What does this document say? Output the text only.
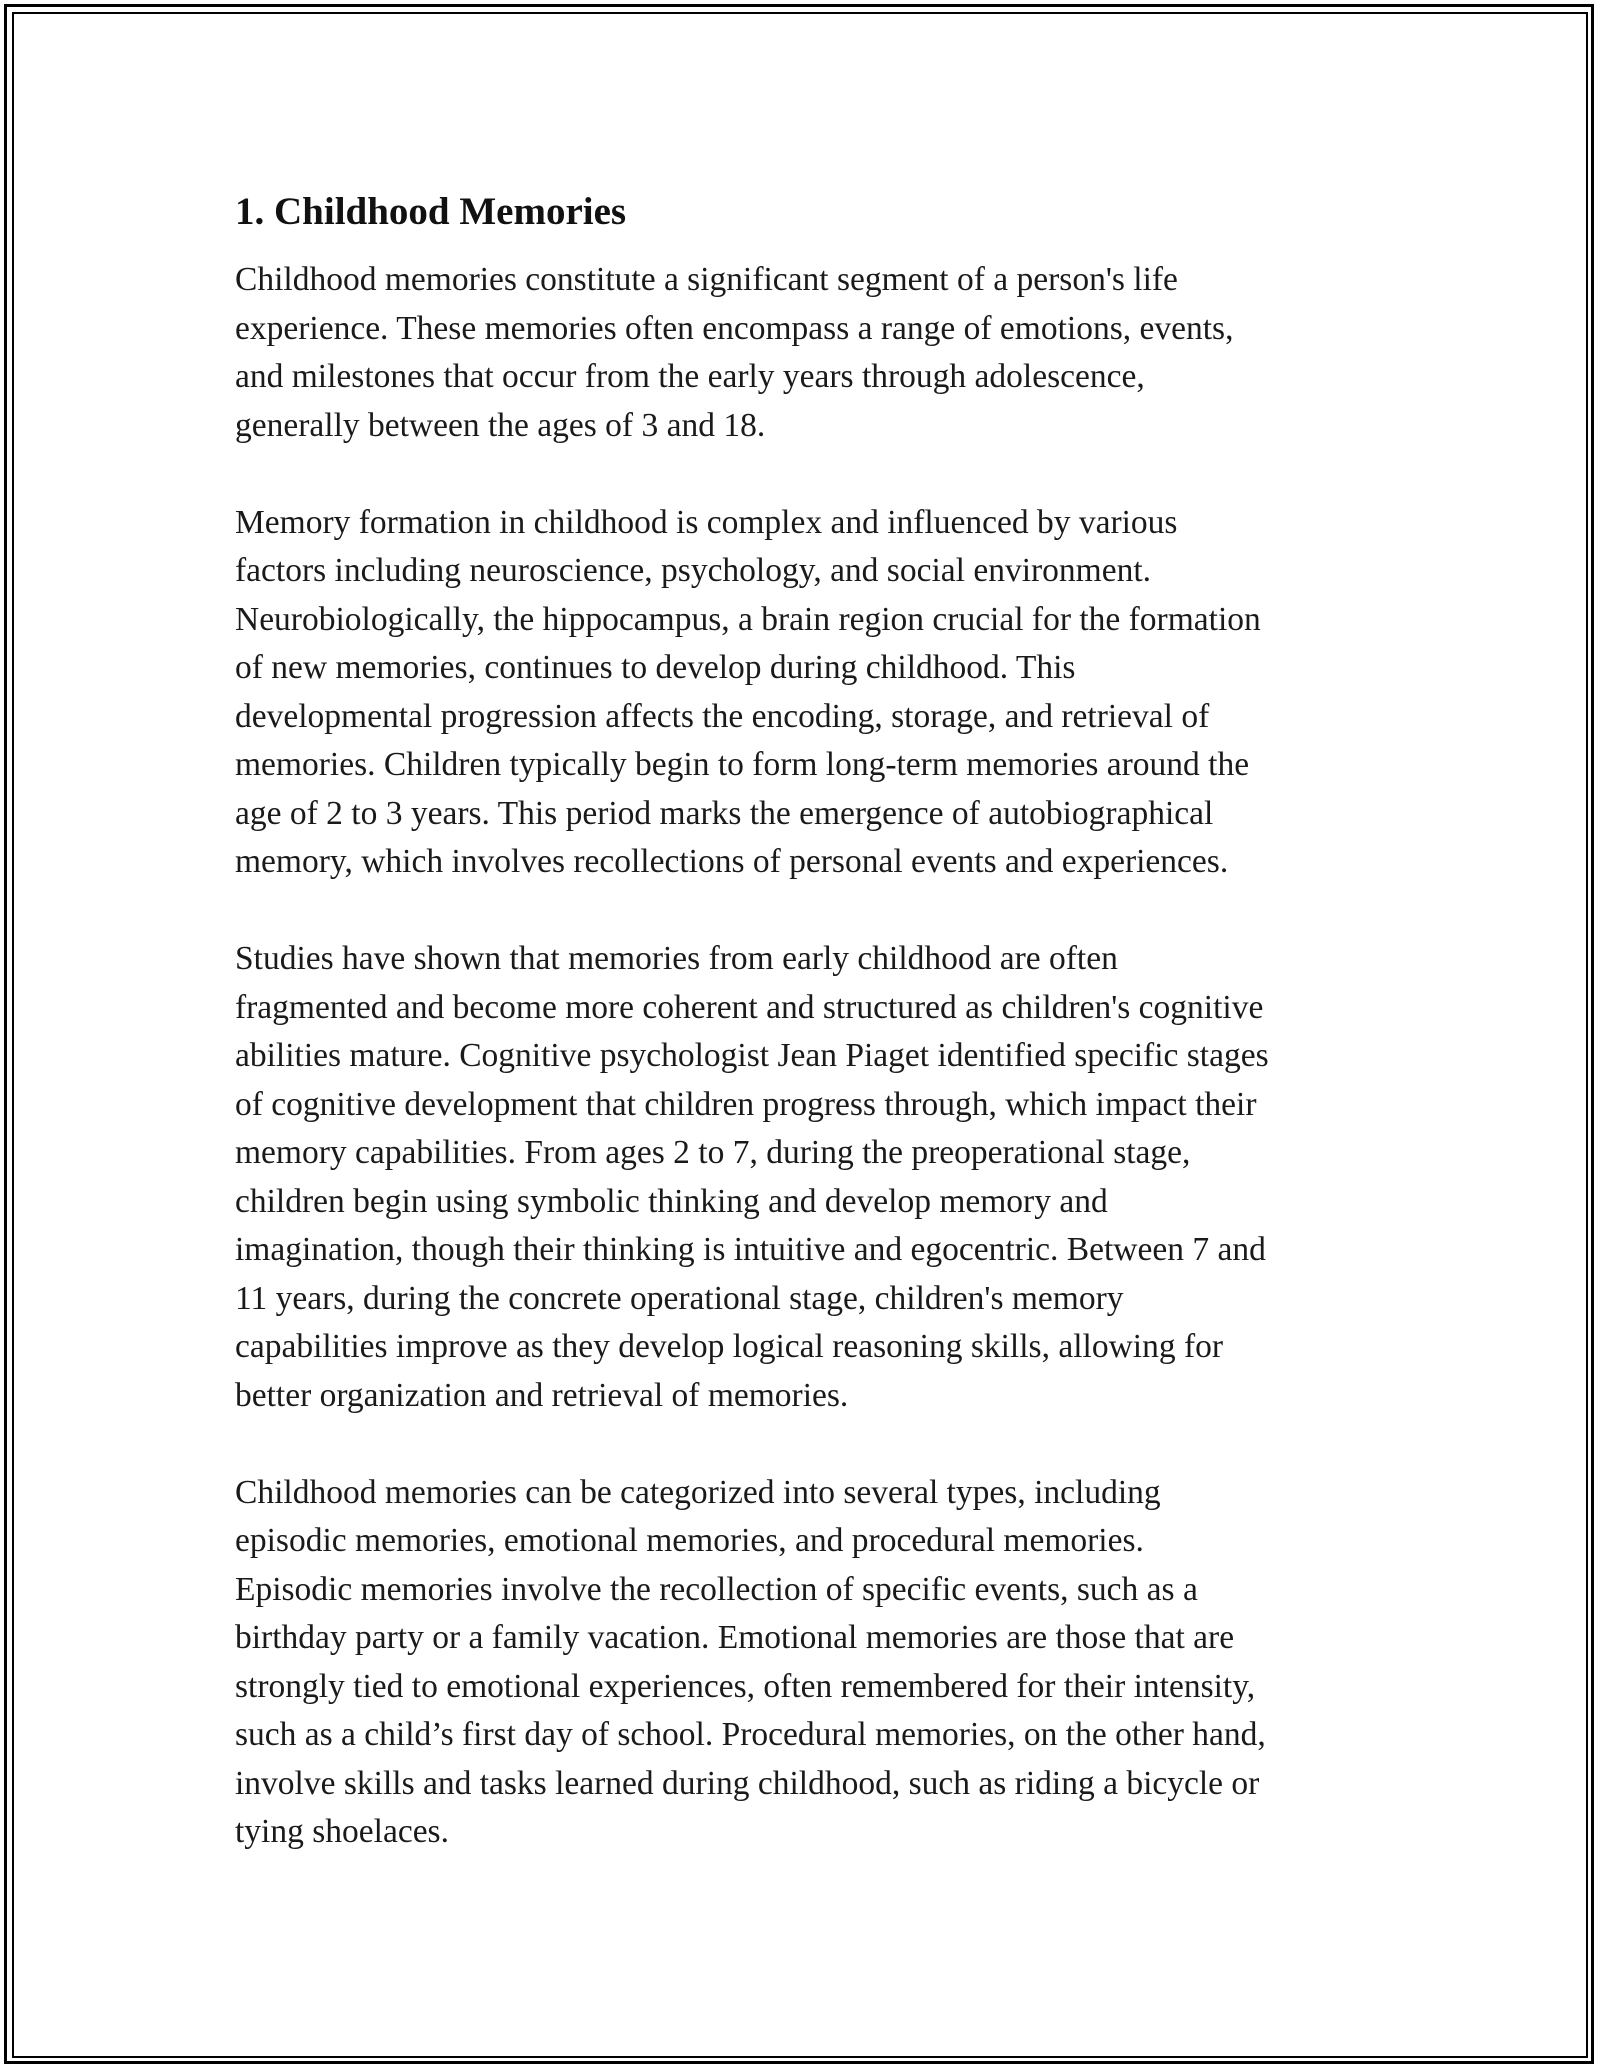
1. Childhood Memories

Childhood memories constitute a significant segment of a person's life
experience. These memories often encompass a range of emotions, events,
and milestones that occur from the early years through adolescence,
generally between the ages of 3 and 18.

Memory formation in childhood is complex and influenced by various
factors including neuroscience, psychology, and social environment.
Neurobiologically, the hippocampus, a brain region crucial for the formation
of new memories, continues to develop during childhood. This
developmental progression affects the encoding, storage, and retrieval of
memories. Children typically begin to form long-term memories around the
age of 2 to 3 years. This period marks the emergence of autobiographical
memory, which involves recollections of personal events and experiences.

Studies have shown that memories from early childhood are often
fragmented and become more coherent and structured as children's cognitive
abilities mature. Cognitive psychologist Jean Piaget identified specific stages
of cognitive development that children progress through, which impact their
memory capabilities. From ages 2 to 7, during the preoperational stage,
children begin using symbolic thinking and develop memory and
imagination, though their thinking is intuitive and egocentric. Between 7 and
11 years, during the concrete operational stage, children's memory
capabilities improve as they develop logical reasoning skills, allowing for
better organization and retrieval of memories.

Childhood memories can be categorized into several types, including
episodic memories, emotional memories, and procedural memories.
Episodic memories involve the recollection of specific events, such as a
birthday party or a family vacation. Emotional memories are those that are
strongly tied to emotional experiences, often remembered for their intensity,
such as a child’s first day of school. Procedural memories, on the other hand,
involve skills and tasks learned during childhood, such as riding a bicycle or
tying shoelaces.
